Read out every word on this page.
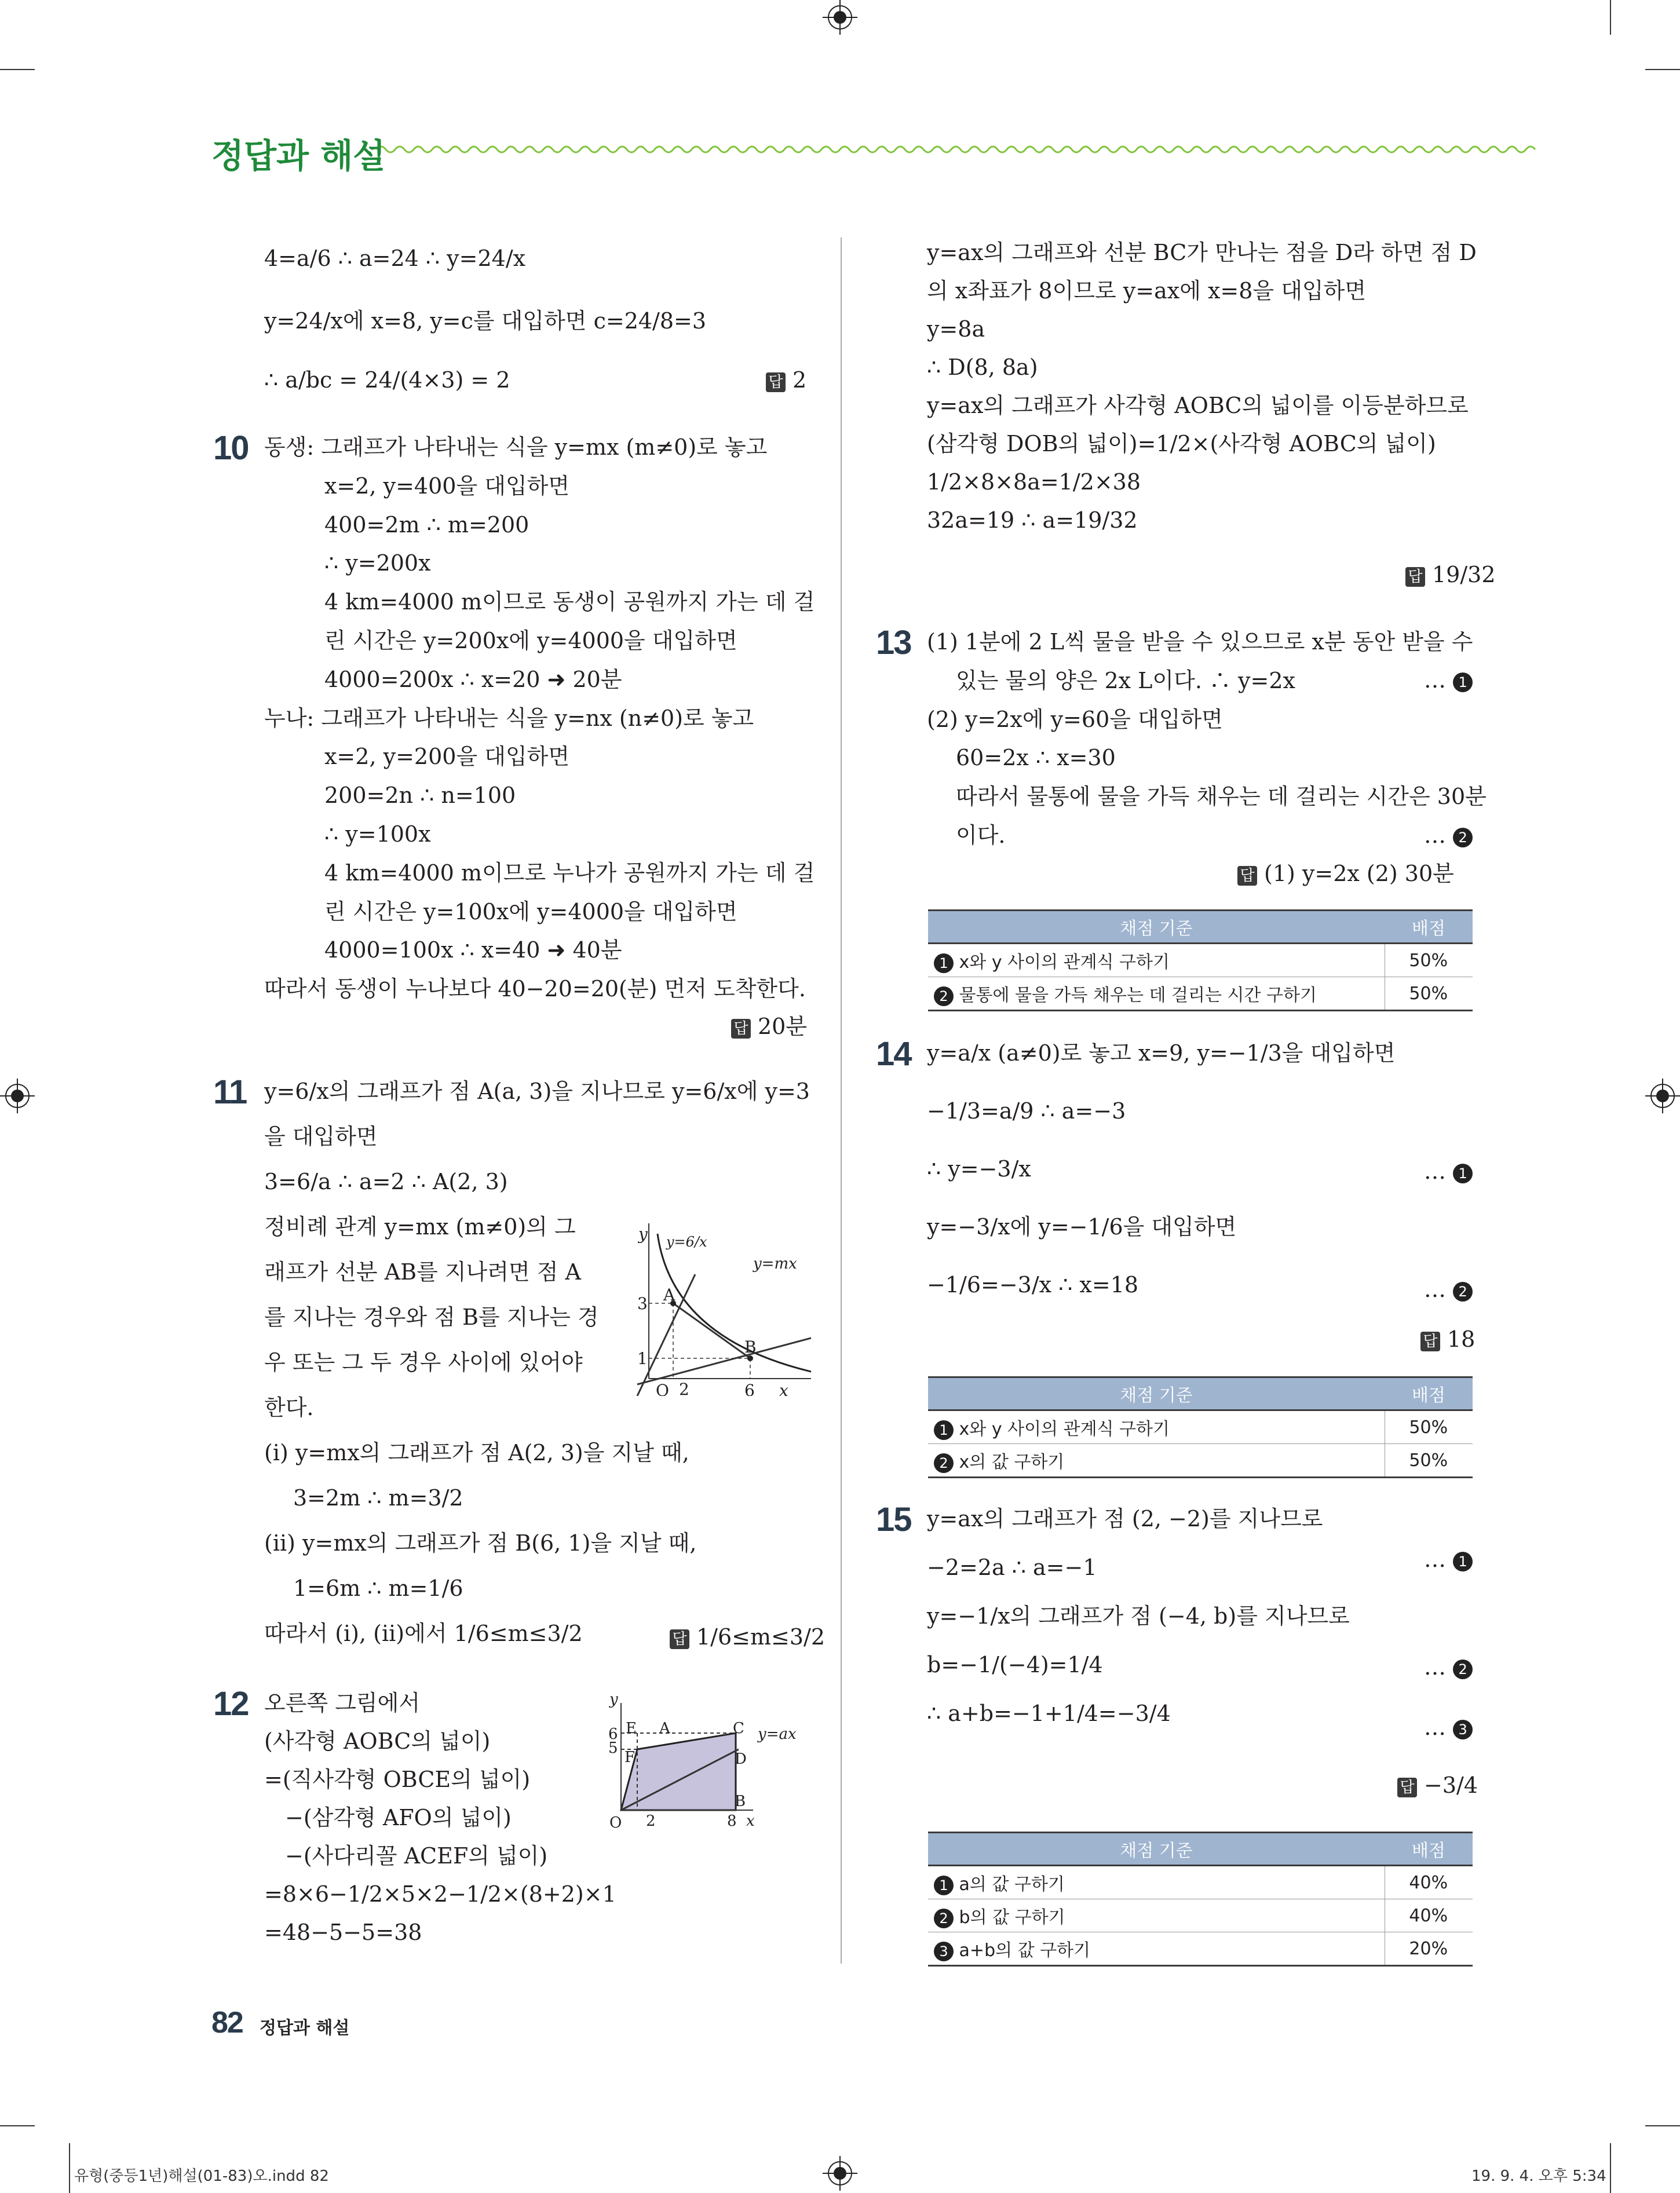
정답과 해설
4=a/6 ∴ a=24 ∴ y=24/x
y=24/x에 x=8, y=c를 대입하면 c=24/8=3
∴ a/bc = 24/(4×3) = 2	답 2
10 동생: 그래프가 나타내는 식을 y=mx (m≠0)로 놓고
x=2, y=400을 대입하면
400=2m ∴ m=200
∴ y=200x
4 km=4000 m이므로 동생이 공원까지 가는 데 걸
린 시간은 y=200x에 y=4000을 대입하면
4000=200x ∴ x=20 ➜ 20분
누나: 그래프가 나타내는 식을 y=nx (n≠0)로 놓고
x=2, y=200을 대입하면
200=2n ∴ n=100
∴ y=100x
4 km=4000 m이므로 누나가 공원까지 가는 데 걸
린 시간은 y=100x에 y=4000을 대입하면
4000=100x ∴ x=40 ➜ 40분
따라서 동생이 누나보다 40−20=20(분) 먼저 도착한다.
답 20분
11 y=6/x의 그래프가 점 A(a, 3)을 지나므로 y=6/x에 y=3
을 대입하면
3=6/a ∴ a=2 ∴ A(2, 3)
정비례 관계 y=mx (m≠0)의 그
래프가 선분 AB를 지나려면 점 A
를 지나는 경우와 점 B를 지나는 경
우 또는 그 두 경우 사이에 있어야
한다.
(i) y=mx의 그래프가 점 A(2, 3)을 지날 때,
3=2m ∴ m=3/2
(ii) y=mx의 그래프가 점 B(6, 1)을 지날 때,
1=6m ∴ m=1/6
따라서 (i), (ii)에서 1/6≤m≤3/2	답 1/6≤m≤3/2
y y=6/x
y=mx
A
B
3
1
O 2	6 x
12 오른쪽 그림에서
(사각형 AOBC의 넓이)
=(직사각형 OBCE의 넓이)
−(삼각형 AFO의 넓이)
−(사다리꼴 ACEF의 넓이)
=8×6−1/2×5×2−1/2×(8+2)×1
=48−5−5=38
y
E A	C y=ax
F	D
B
6
5
O 2	8 x
y=ax의 그래프와 선분 BC가 만나는 점을 D라 하면 점 D
의 x좌표가 8이므로 y=ax에 x=8을 대입하면
y=8a
∴ D(8, 8a)
y=ax의 그래프가 사각형 AOBC의 넓이를 이등분하므로
(삼각형 DOB의 넓이)=1/2×(사각형 AOBC의 넓이)
1/2×8×8a=1/2×38
32a=19 ∴ a=19/32
답 19/32
13 (1) 1분에 2 L씩 물을 받을 수 있으므로 x분 동안 받을 수
있는 물의 양은 2x L이다. ∴ y=2x
(2) y=2x에 y=60을 대입하면
60=2x ∴ x=30
따라서 물통에 물을 가득 채우는 데 걸리는 시간은 30분
이다.
… 1
… 2
답 (1) y=2x (2) 30분
채점 기준	배점
1 x와 y 사이의 관계식 구하기	50%
2 물통에 물을 가득 채우는 데 걸리는 시간 구하기	50%
14 y=a/x (a≠0)로 놓고 x=9, y=−1/3을 대입하면
−1/3=a/9 ∴ a=−3
∴ y=−3/x
y=−3/x에 y=−1/6을 대입하면
−1/6=−3/x ∴ x=18
… 1
… 2
답 18
채점 기준	배점
1 x와 y 사이의 관계식 구하기	50%
2 x의 값 구하기	50%
15 y=ax의 그래프가 점 (2, −2)를 지나므로
−2=2a ∴ a=−1
y=−1/x의 그래프가 점 (−4, b)를 지나므로
b=−1/(−4)=1/4
∴ a+b=−1+1/4=−3/4
… 1
… 2
… 3
답 −3/4
채점 기준	배점
1 a의 값 구하기	40%
2 b의 값 구하기	40%
3 a+b의 값 구하기	20%
82 정답과 해설
유형(중등1년)해설(01-83)오.indd 82	19. 9. 4. 오후 5:34
